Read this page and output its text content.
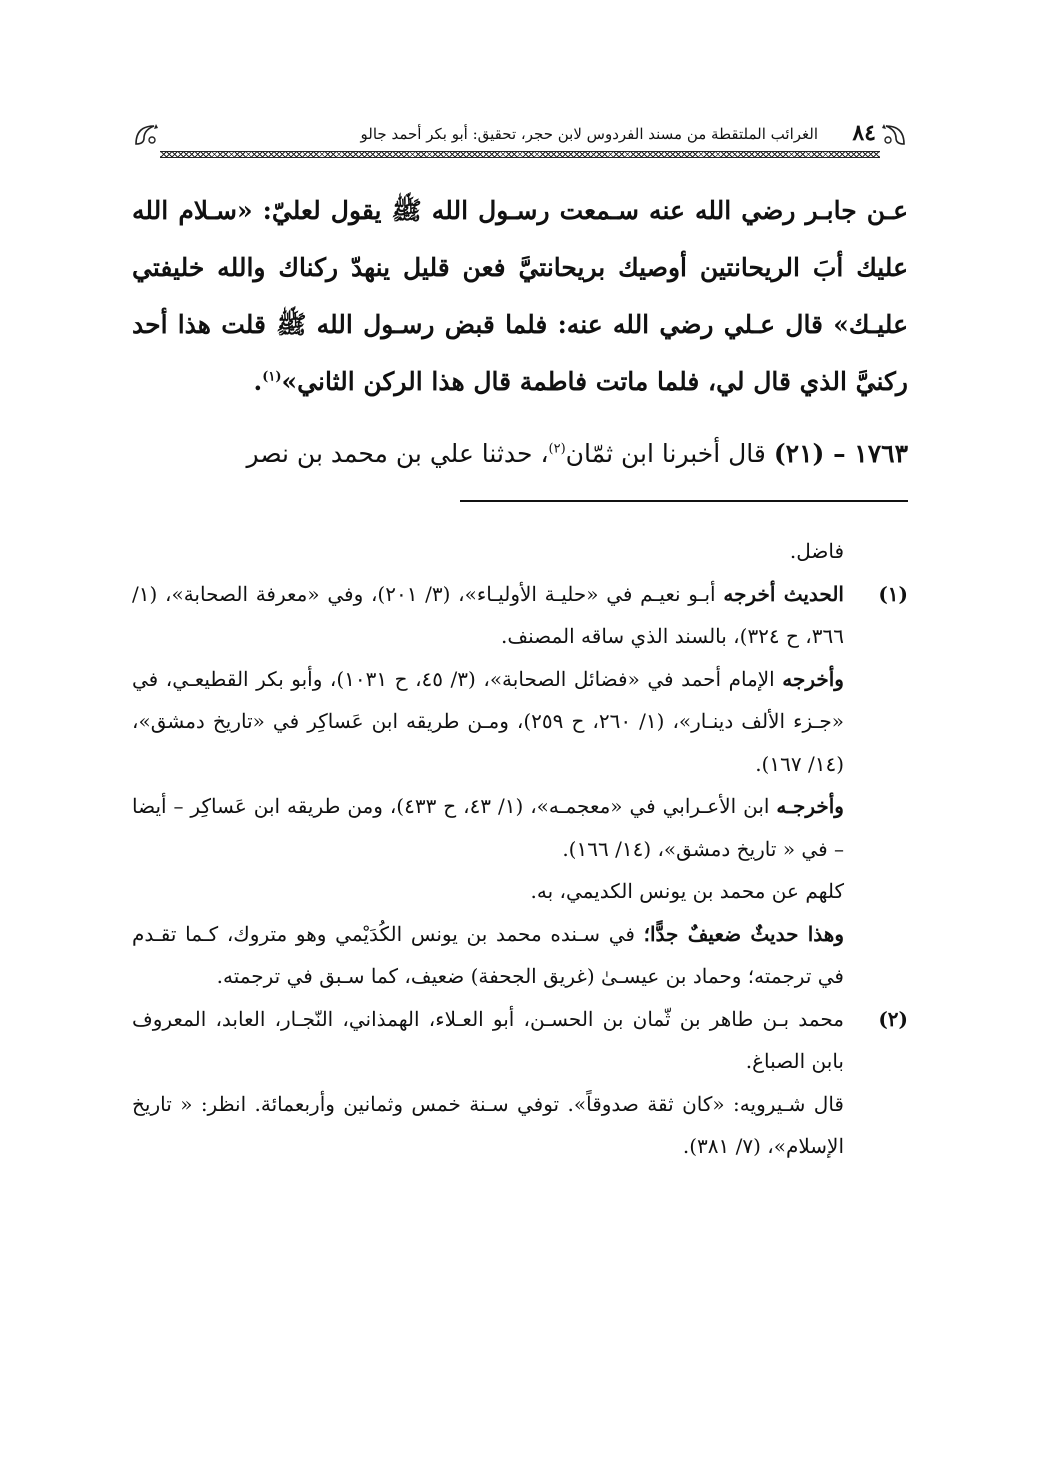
الغرائب الملتقطة من مسند الفردوس لابن حجر، تحقيق: أبو بكر أحمد جالو ٨٤

عـن جابـر رضي الله عنه سـمعت رسـول الله ﷺ يقول لعليّ: «سـلام الله عليك أبَ الريحانتين أوصيك بريحانتيَّ فعن قليل ينهدّ ركناك والله خليفتي عليـك» قال عـلي رضي الله عنه: فلما قبض رسـول الله ﷺ قلت هذا أحد ركنيَّ الذي قال لي، فلما ماتت فاطمة قال هذا الركن الثاني»$^{(١)}$.

١٧٦٣ – (٢١) قال أخبرنا ابن ثمّان$^{(٢)}$، حدثنا علي بن محمد بن نصر

فاضل.

(١)

الحديث أخرجه أبـو نعيـم في «حليـة الأوليـاء»، (٣/ ٢٠١)، وفي «معرفة الصحابة»، (١/ ٣٦٦، ح ٣٢٤)، بالسند الذي ساقه المصنف.

وأخرجه الإمام أحمد في «فضائل الصحابة»، (٣/ ٤٥، ح ١٠٣١)، وأبو بكر القطيعـي، في «جـزء الألف دينـار»، (١/ ٢٦٠، ح ٢٥٩)، ومـن طريقه ابن عَساكِر في «تاريخ دمشق»، (١٤/ ١٦٧).

وأخرجـه ابن الأعـرابي في «معجمـه»، (١/ ٤٣، ح ٤٣٣)، ومن طريقه ابن عَساكِر – أيضا – في « تاريخ دمشق»، (١٤/ ١٦٦).

كلهم عن محمد بن يونس الكديمي، به.

وهذا حديثٌ ضعيفٌ جدًّا؛ في سـنده محمد بن يونس الكُدَيْمي وهو متروك، كـما تقـدم في ترجمته؛ وحماد بن عيسـىٰ (غريق الجحفة) ضعيف، كما سـبق في ترجمته.

(٢)

محمد بـن طاهر بن ثّمان بن الحسـن، أبو العـلاء، الهمذاني، النّجـار، العابد، المعروف بابن الصباغ.

قال شـيرويه: «كان ثقة صدوقاً». توفي سـنة خمس وثمانين وأربعمائة. انظر: « تاريخ الإسلام»، (٧/ ٣٨١).
